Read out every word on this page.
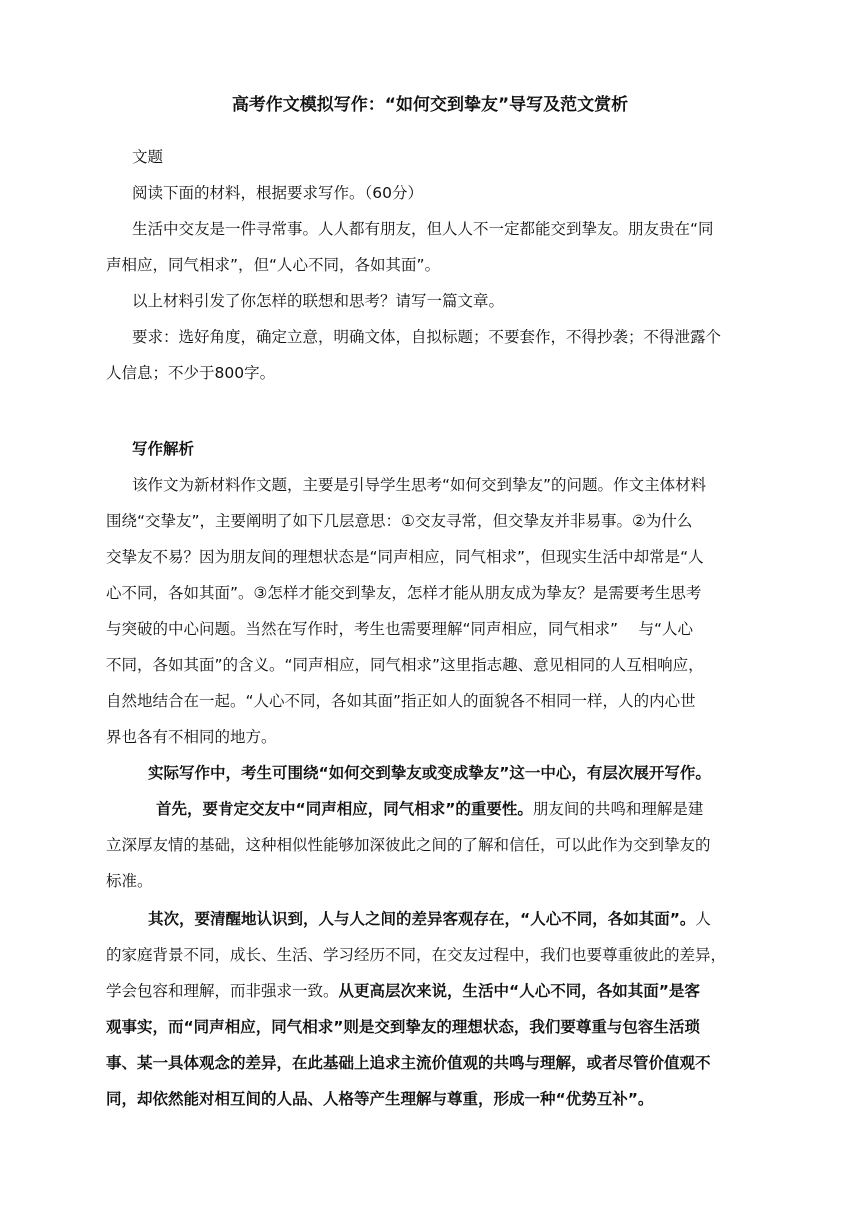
高考作文模拟写作：“如何交到挚友”导写及范文赏析

文题

阅读下面的材料，根据要求写作。（60分）

生活中交友是一件寻常事。人人都有朋友，但人人不一定都能交到挚友。朋友贵在“同

声相应，同气相求”，但“人心不同，各如其面”。

以上材料引发了你怎样的联想和思考？请写一篇文章。

要求：选好角度，确定立意，明确文体，自拟标题；不要套作，不得抄袭；不得泄露个

人信息；不少于800字。

写作解析

该作文为新材料作文题，主要是引导学生思考“如何交到挚友”的问题。作文主体材料

围绕“交挚友”，主要阐明了如下几层意思：①交友寻常，但交挚友并非易事。②为什么

交挚友不易？因为朋友间的理想状态是“同声相应，同气相求”，但现实生活中却常是“人

心不同，各如其面”。③怎样才能交到挚友，怎样才能从朋友成为挚友？是需要考生思考

与突破的中心问题。当然在写作时，考生也需要理解“同声相应，同气相求”　 与“人心

不同，各如其面”的含义。“同声相应，同气相求”这里指志趣、意见相同的人互相响应，

自然地结合在一起。“人心不同，各如其面”指正如人的面貌各不相同一样，人的内心世

界也各有不相同的地方。

实际写作中，考生可围绕“如何交到挚友或变成挚友”这一中心，有层次展开写作。

首先，要肯定交友中“同声相应，同气相求”的重要性。朋友间的共鸣和理解是建

立深厚友情的基础，这种相似性能够加深彼此之间的了解和信任，可以此作为交到挚友的

标准。

其次，要清醒地认识到，人与人之间的差异客观存在，“人心不同，各如其面”。人

的家庭背景不同，成长、生活、学习经历不同，在交友过程中，我们也要尊重彼此的差异，

学会包容和理解，而非强求一致。从更高层次来说，生活中“人心不同，各如其面”是客

观事实，而“同声相应，同气相求”则是交到挚友的理想状态，我们要尊重与包容生活琐

事、某一具体观念的差异，在此基础上追求主流价值观的共鸣与理解，或者尽管价值观不

同，却依然能对相互间的人品、人格等产生理解与尊重，形成一种“优势互补”。
